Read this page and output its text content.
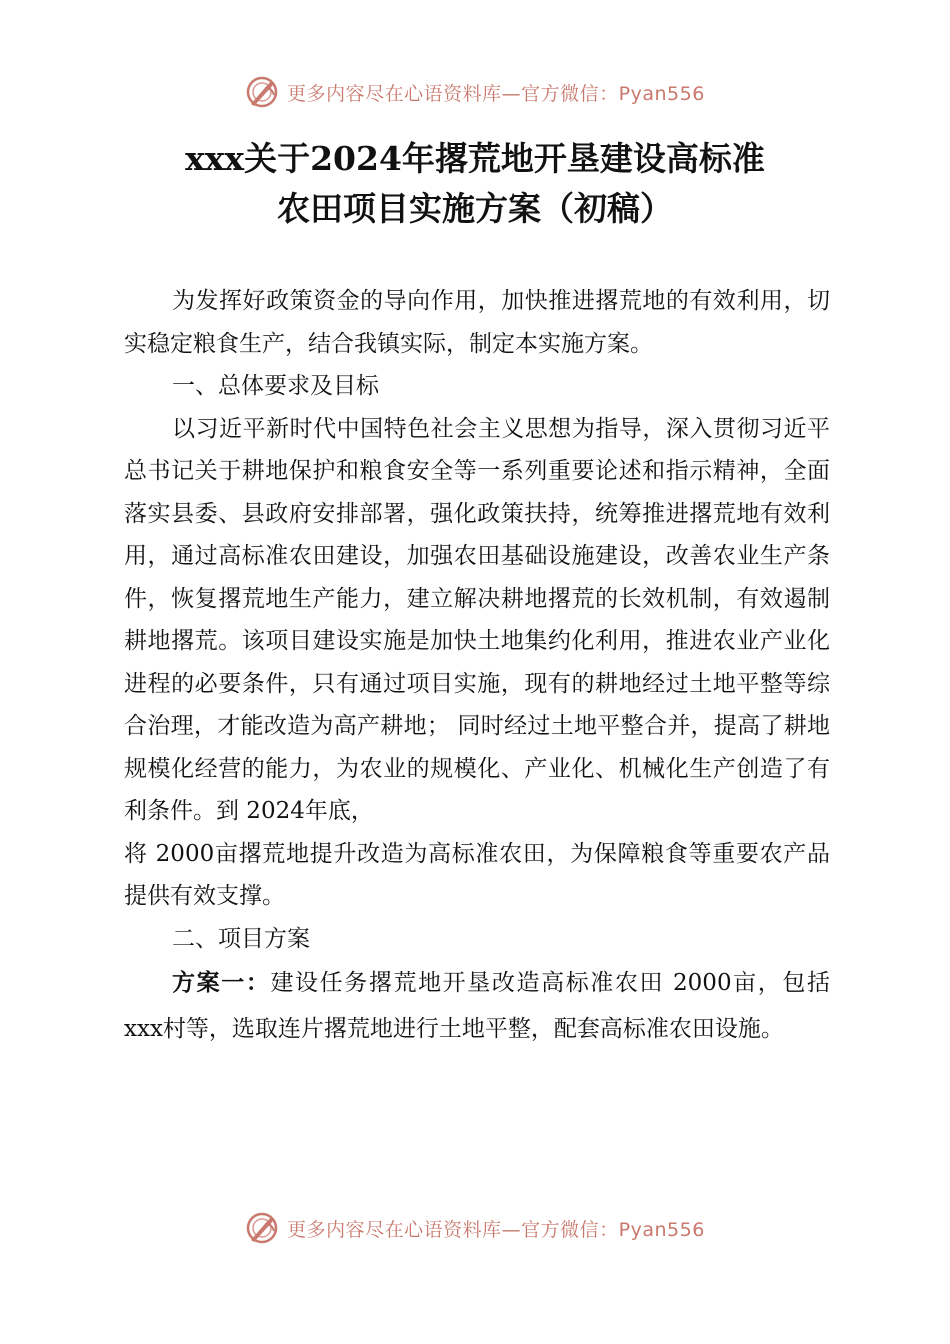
更多内容尽在心语资料库—官方微信：Pyan556
xxx关于2024年撂荒地开垦建设高标准
农田项目实施方案（初稿）

为发挥好政策资金的导向作用，加快推进撂荒地的有效利用，切实稳定粮食生产，结合我镇实际，制定本实施方案。

一、总体要求及目标

以习近平新时代中国特色社会主义思想为指导，深入贯彻习近平总书记关于耕地保护和粮食安全等一系列重要论述和指示精神，全面落实县委、县政府安排部署，强化政策扶持，统筹推进撂荒地有效利用，通过高标准农田建设，加强农田基础设施建设，改善农业生产条件，恢复撂荒地生产能力，建立解决耕地撂荒的长效机制，有效遏制耕地撂荒。该项目建设实施是加快土地集约化利用，推进农业产业化进程的必要条件，只有通过项目实施，现有的耕地经过土地平整等综合治理，才能改造为高产耕地； 同时经过土地平整合并，提高了耕地规模化经营的能力，为农业的规模化、产业化、机械化生产创造了有利条件。到 2024年底，

将 2000亩撂荒地提升改造为高标准农田，为保障粮食等重要农产品提供有效支撑。

二、项目方案

方案一：建设任务撂荒地开垦改造高标准农田 2000亩，包括 xxx村等，选取连片撂荒地进行土地平整，配套高标准农田设施。

更多内容尽在心语资料库—官方微信：Pyan556
